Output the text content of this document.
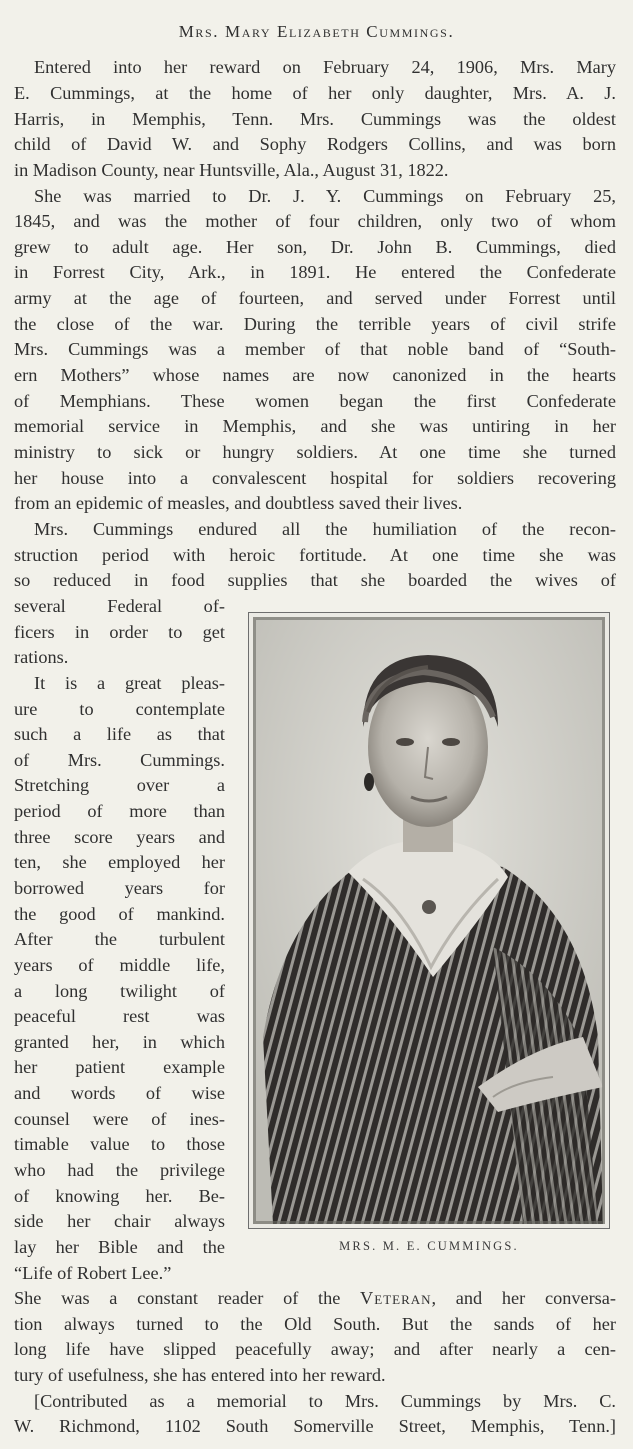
Mrs. Mary Elizabeth Cummings.
Entered into her reward on February 24, 1906, Mrs. Mary
E. Cummings, at the home of her only daughter, Mrs. A. J.
Harris, in Memphis, Tenn. Mrs. Cummings was the oldest
child of David W. and Sophy Rodgers Collins, and was born
in Madison County, near Huntsville, Ala., August 31, 1822.
She was married to Dr. J. Y. Cummings on February 25,
1845, and was the mother of four children, only two of whom
grew to adult age. Her son, Dr. John B. Cummings, died
in Forrest City, Ark., in 1891. He entered the Confederate
army at the age of fourteen, and served under Forrest until
the close of the war. During the terrible years of civil strife
Mrs. Cummings was a member of that noble band of “South-
ern Mothers” whose names are now canonized in the hearts
of Memphians. These women began the first Confederate
memorial service in Memphis, and she was untiring in her
ministry to sick or hungry soldiers. At one time she turned
her house into a convalescent hospital for soldiers recovering
from an epidemic of measles, and doubtless saved their lives.
Mrs. Cummings endured all the humiliation of the recon-
struction period with heroic fortitude. At one time she was
so reduced in food supplies that she boarded the wives of
several Federal of-
ficers in order to get
rations.
It is a great pleas-
ure to contemplate
such a life as that
of Mrs. Cummings.
Stretching over a
period of more than
three score years and
ten, she employed her
borrowed years for
the good of mankind.
After the turbulent
years of middle life,
a long twilight of
peaceful rest was
granted her, in which
her patient example
and words of wise
counsel were of ines-
timable value to those
who had the privilege
of knowing her. Be-
side her chair always
lay her Bible and the
“Life of Robert Lee.”
MRS. M. E. CUMMINGS.
She was a constant reader of the Veteran, and her conversa-
tion always turned to the Old South. But the sands of her
long life have slipped peacefully away; and after nearly a cen-
tury of usefulness, she has entered into her reward.
[Contributed as a memorial to Mrs. Cummings by Mrs. C.
W. Richmond, 1102 South Somerville Street, Memphis, Tenn.]
